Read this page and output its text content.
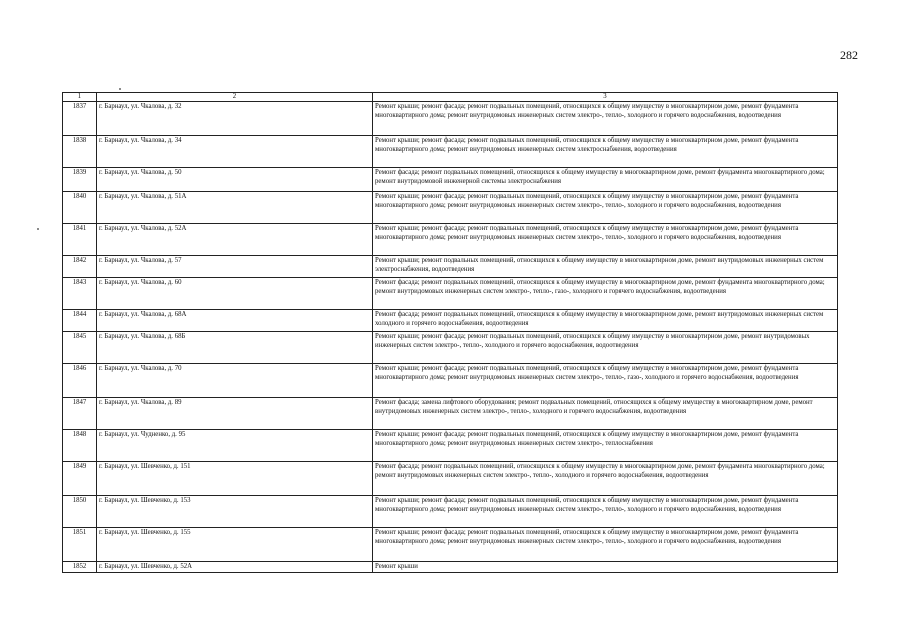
282
1	2	3
1837	г. Барнаул, ул. Чкалова, д. 32	Ремонт крыши; ремонт фасада; ремонт подвальных помещений, относящихся к общему имуществу в многоквартирном доме, ремонт фундамента многоквартирного дома; ремонт внутридомовых инженерных систем электро-, тепло-, холодного и горячего водоснабжения, водоотведения
1838	г. Барнаул, ул. Чкалова, д. 34	Ремонт крыши; ремонт фасада; ремонт подвальных помещений, относящихся к общему имуществу в многоквартирном доме, ремонт фундамента многоквартирного дома; ремонт внутридомовых инженерных систем электроснабжения, водоотведения
1839	г. Барнаул, ул. Чкалова, д. 50	Ремонт фасада; ремонт подвальных помещений, относящихся к общему имуществу в многоквартирном доме, ремонт фундамента многоквартирного дома; ремонт внутридомовой инженерной системы электроснабжения
1840	г. Барнаул, ул. Чкалова, д. 51А	Ремонт крыши; ремонт фасада; ремонт подвальных помещений, относящихся к общему имуществу в многоквартирном доме, ремонт фундамента многоквартирного дома; ремонт внутридомовых инженерных систем электро-, тепло-, холодного и горячего водоснабжения, водоотведения
1841	г. Барнаул, ул. Чкалова, д. 52А	Ремонт крыши; ремонт фасада; ремонт подвальных помещений, относящихся к общему имуществу в многоквартирном доме, ремонт фундамента многоквартирного дома; ремонт внутридомовых инженерных систем электро-, тепло-, холодного и горячего водоснабжения, водоотведения
1842	г. Барнаул, ул. Чкалова, д. 57	Ремонт крыши; ремонт подвальных помещений, относящихся к общему имуществу в многоквартирном доме, ремонт внутридомовых инженерных систем электроснабжения, водоотведения
1843	г. Барнаул, ул. Чкалова, д. 60	Ремонт фасада; ремонт подвальных помещений, относящихся к общему имуществу в многоквартирном доме, ремонт фундамента многоквартирного дома; ремонт внутридомовых инженерных систем электро-, тепло-, газо-, холодного и горячего водоснабжения, водоотведения
1844	г. Барнаул, ул. Чкалова, д. 68А	Ремонт фасада; ремонт подвальных помещений, относящихся к общему имуществу в многоквартирном доме, ремонт внутридомовых инженерных систем холодного и горячего водоснабжения, водоотведения
1845	г. Барнаул, ул. Чкалова, д. 68Б	Ремонт крыши; ремонт фасада; ремонт подвальных помещений, относящихся к общему имуществу в многоквартирном доме, ремонт внутридомовых инженерных систем электро-, тепло-, холодного и горячего водоснабжения, водоотведения
1846	г. Барнаул, ул. Чкалова, д. 70	Ремонт крыши; ремонт фасада; ремонт подвальных помещений, относящихся к общему имуществу в многоквартирном доме, ремонт фундамента многоквартирного дома; ремонт внутридомовых инженерных систем электро-, тепло-, газо-, холодного и горячего водоснабжения, водоотведения
1847	г. Барнаул, ул. Чкалова, д. 89	Ремонт фасада; замена лифтового оборудования; ремонт подвальных помещений, относящихся к общему имуществу в многоквартирном доме, ремонт внутридомовых инженерных систем электро-, тепло-, холодного и горячего водоснабжения, водоотведения
1848	г. Барнаул, ул. Чудненко, д. 95	Ремонт крыши; ремонт фасада; ремонт подвальных помещений, относящихся к общему имуществу в многоквартирном доме, ремонт фундамента многоквартирного дома; ремонт внутридомовых инженерных систем электро-, теплоснабжения
1849	г. Барнаул, ул. Шевченко, д. 151	Ремонт фасада; ремонт подвальных помещений, относящихся к общему имуществу в многоквартирном доме, ремонт фундамента многоквартирного дома; ремонт внутридомовых инженерных систем электро-, тепло-, холодного и горячего водоснабжения, водоотведения
1850	г. Барнаул, ул. Шевченко, д. 153	Ремонт крыши; ремонт фасада; ремонт подвальных помещений, относящихся к общему имуществу в многоквартирном доме, ремонт фундамента многоквартирного дома; ремонт внутридомовых инженерных систем электро-, тепло-, холодного и горячего водоснабжения, водоотведения
1851	г. Барнаул, ул. Шевченко, д. 155	Ремонт крыши; ремонт фасада; ремонт подвальных помещений, относящихся к общему имуществу в многоквартирном доме, ремонт фундамента многоквартирного дома; ремонт внутридомовых инженерных систем электро-, тепло-, холодного и горячего водоснабжения, водоотведения
1852	г. Барнаул, ул. Шевченко, д. 52А	Ремонт крыши
